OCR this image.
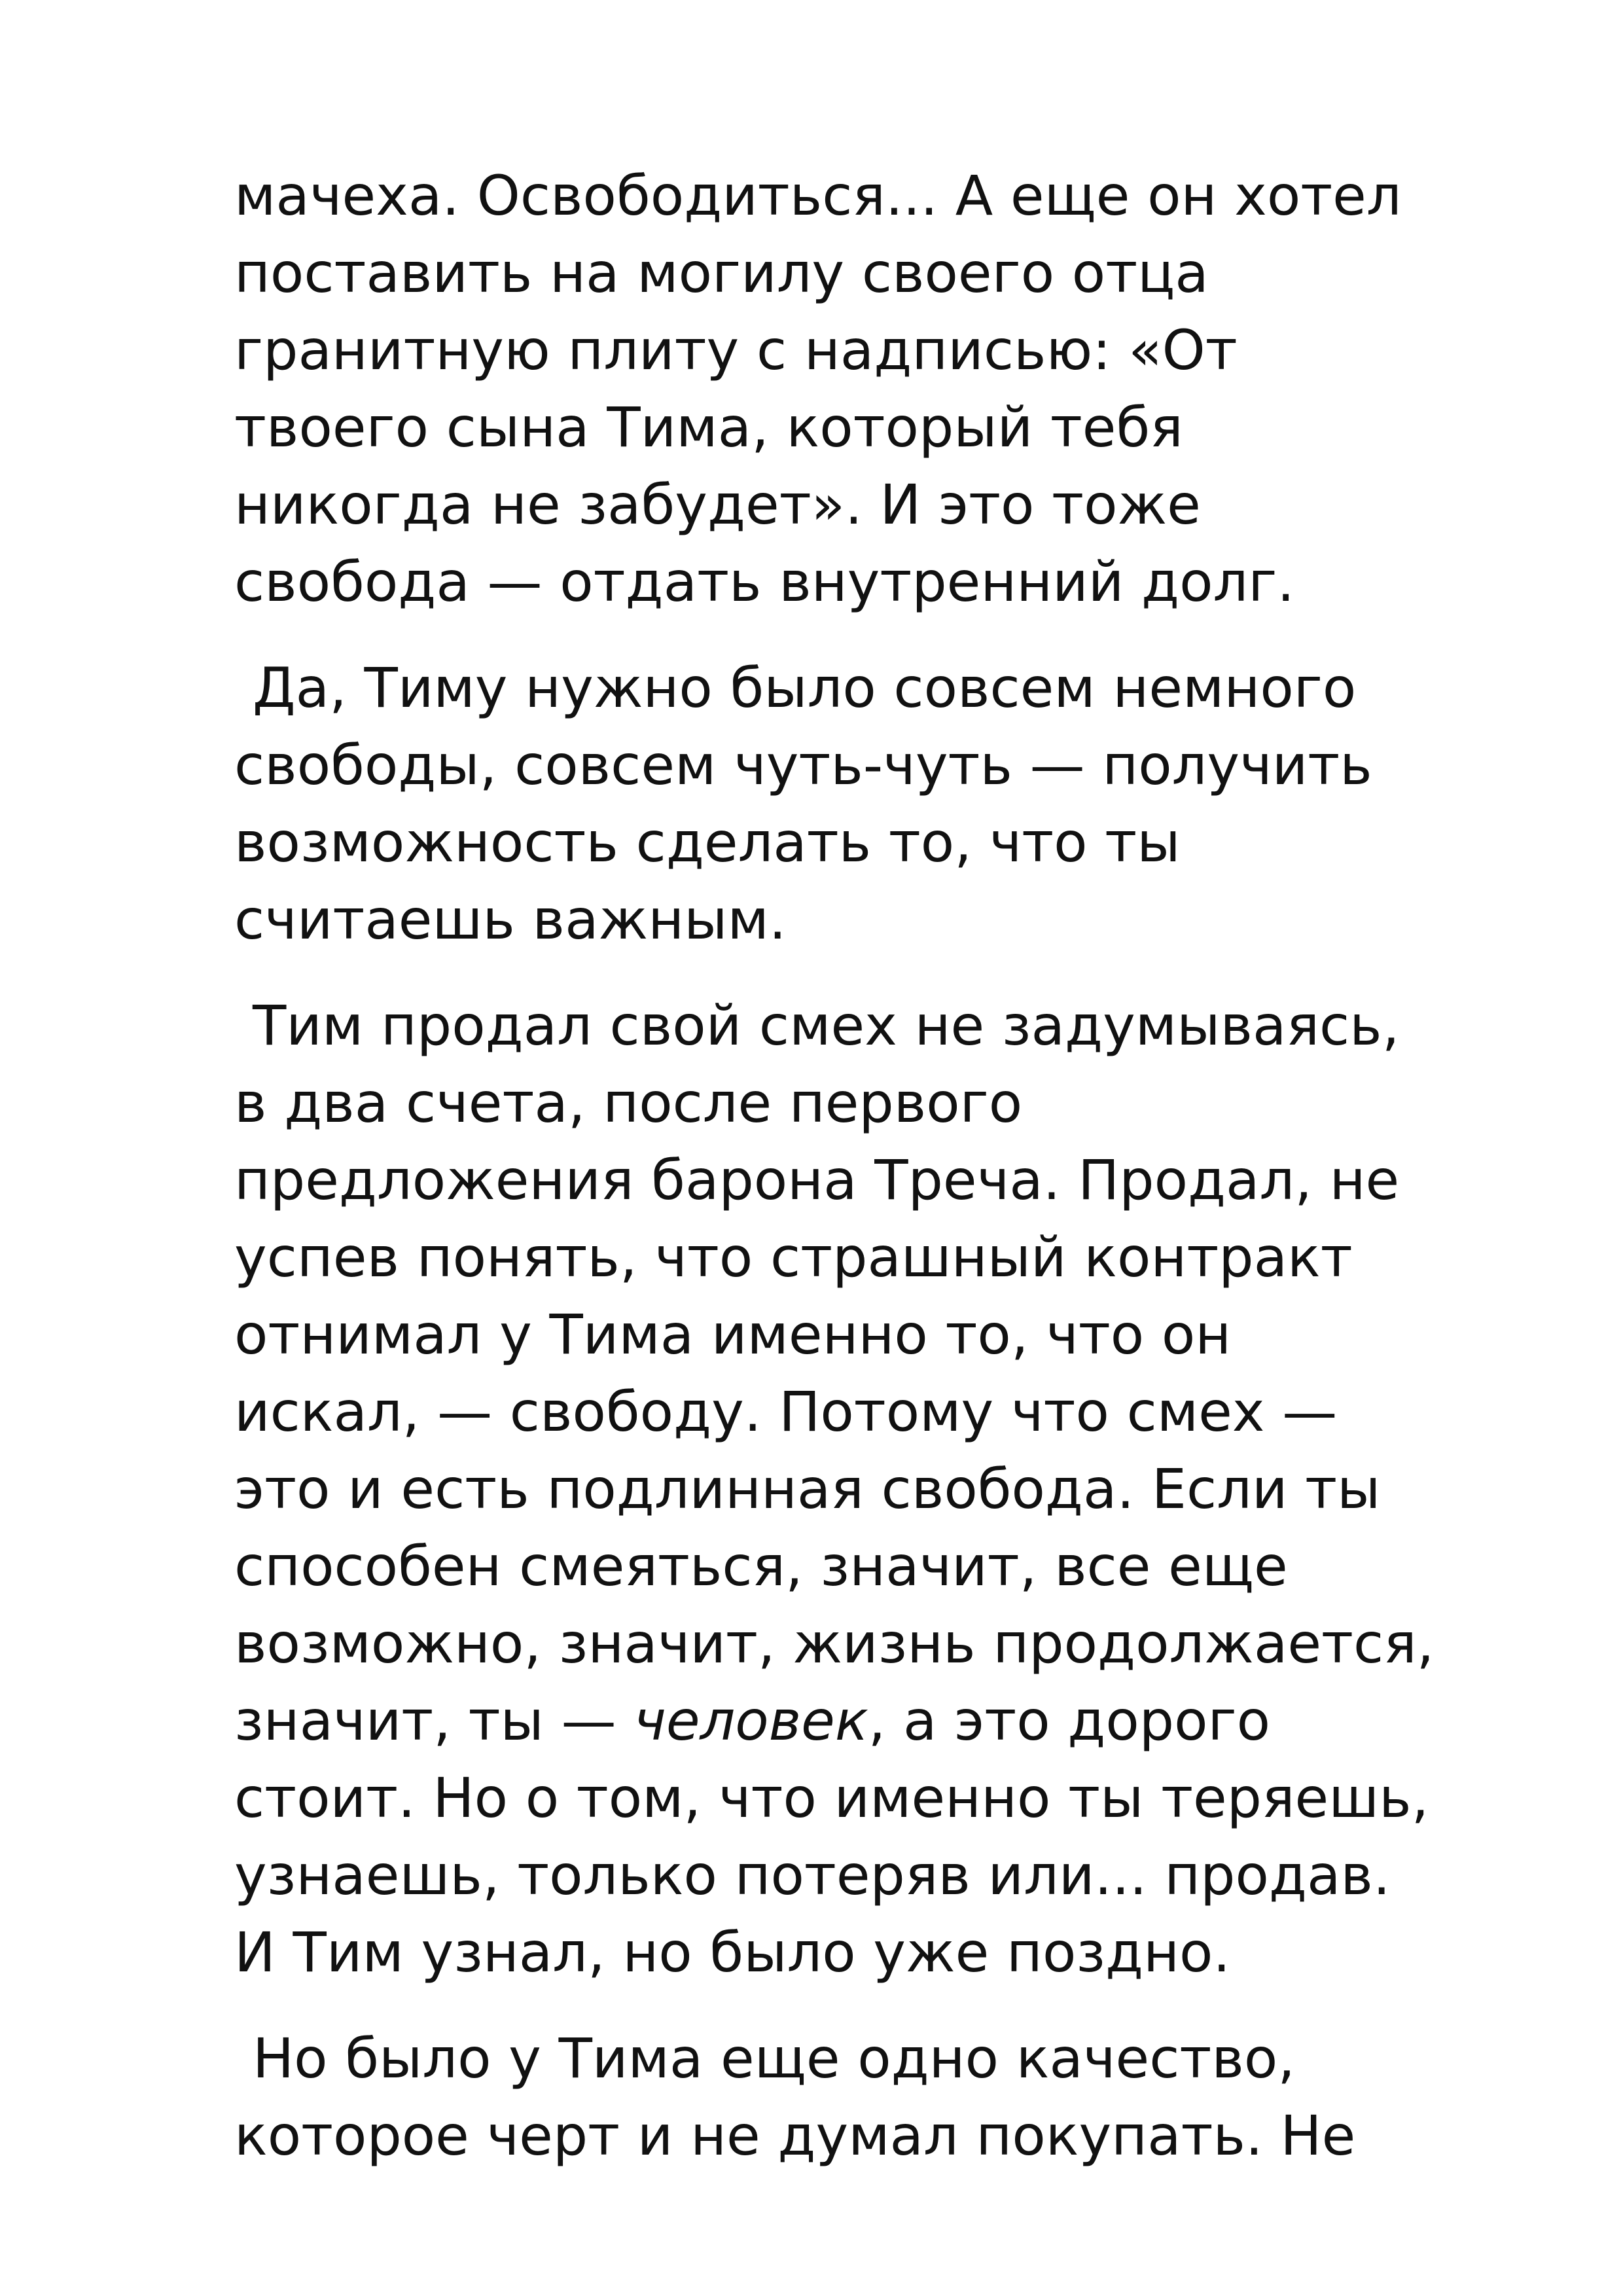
мачеха. Освободиться... А еще он хотел
поставить на могилу своего отца
гранитную плиту с надписью: «От
твоего сына Тима, который тебя
никогда не забудет». И это тоже
свобода — отдать внутренний долг.

Да, Тиму нужно было совсем немного
свободы, совсем чуть-чуть — получить
возможность сделать то, что ты
считаешь важным.

Тим продал свой смех не задумываясь,
в два счета, после первого
предложения барона Треча. Продал, не
успев понять, что страшный контракт
отнимал у Тима именно то, что он
искал, — свободу. Потому что смех —
это и есть подлинная свобода. Если ты
способен смеяться, значит, все еще
возможно, значит, жизнь продолжается,
значит, ты — человек, а это дорого
стоит. Но о том, что именно ты теряешь,
узнаешь, только потеряв или... продав.
И Тим узнал, но было уже поздно.

Но было у Тима еще одно качество,
которое черт и не думал покупать. Не
